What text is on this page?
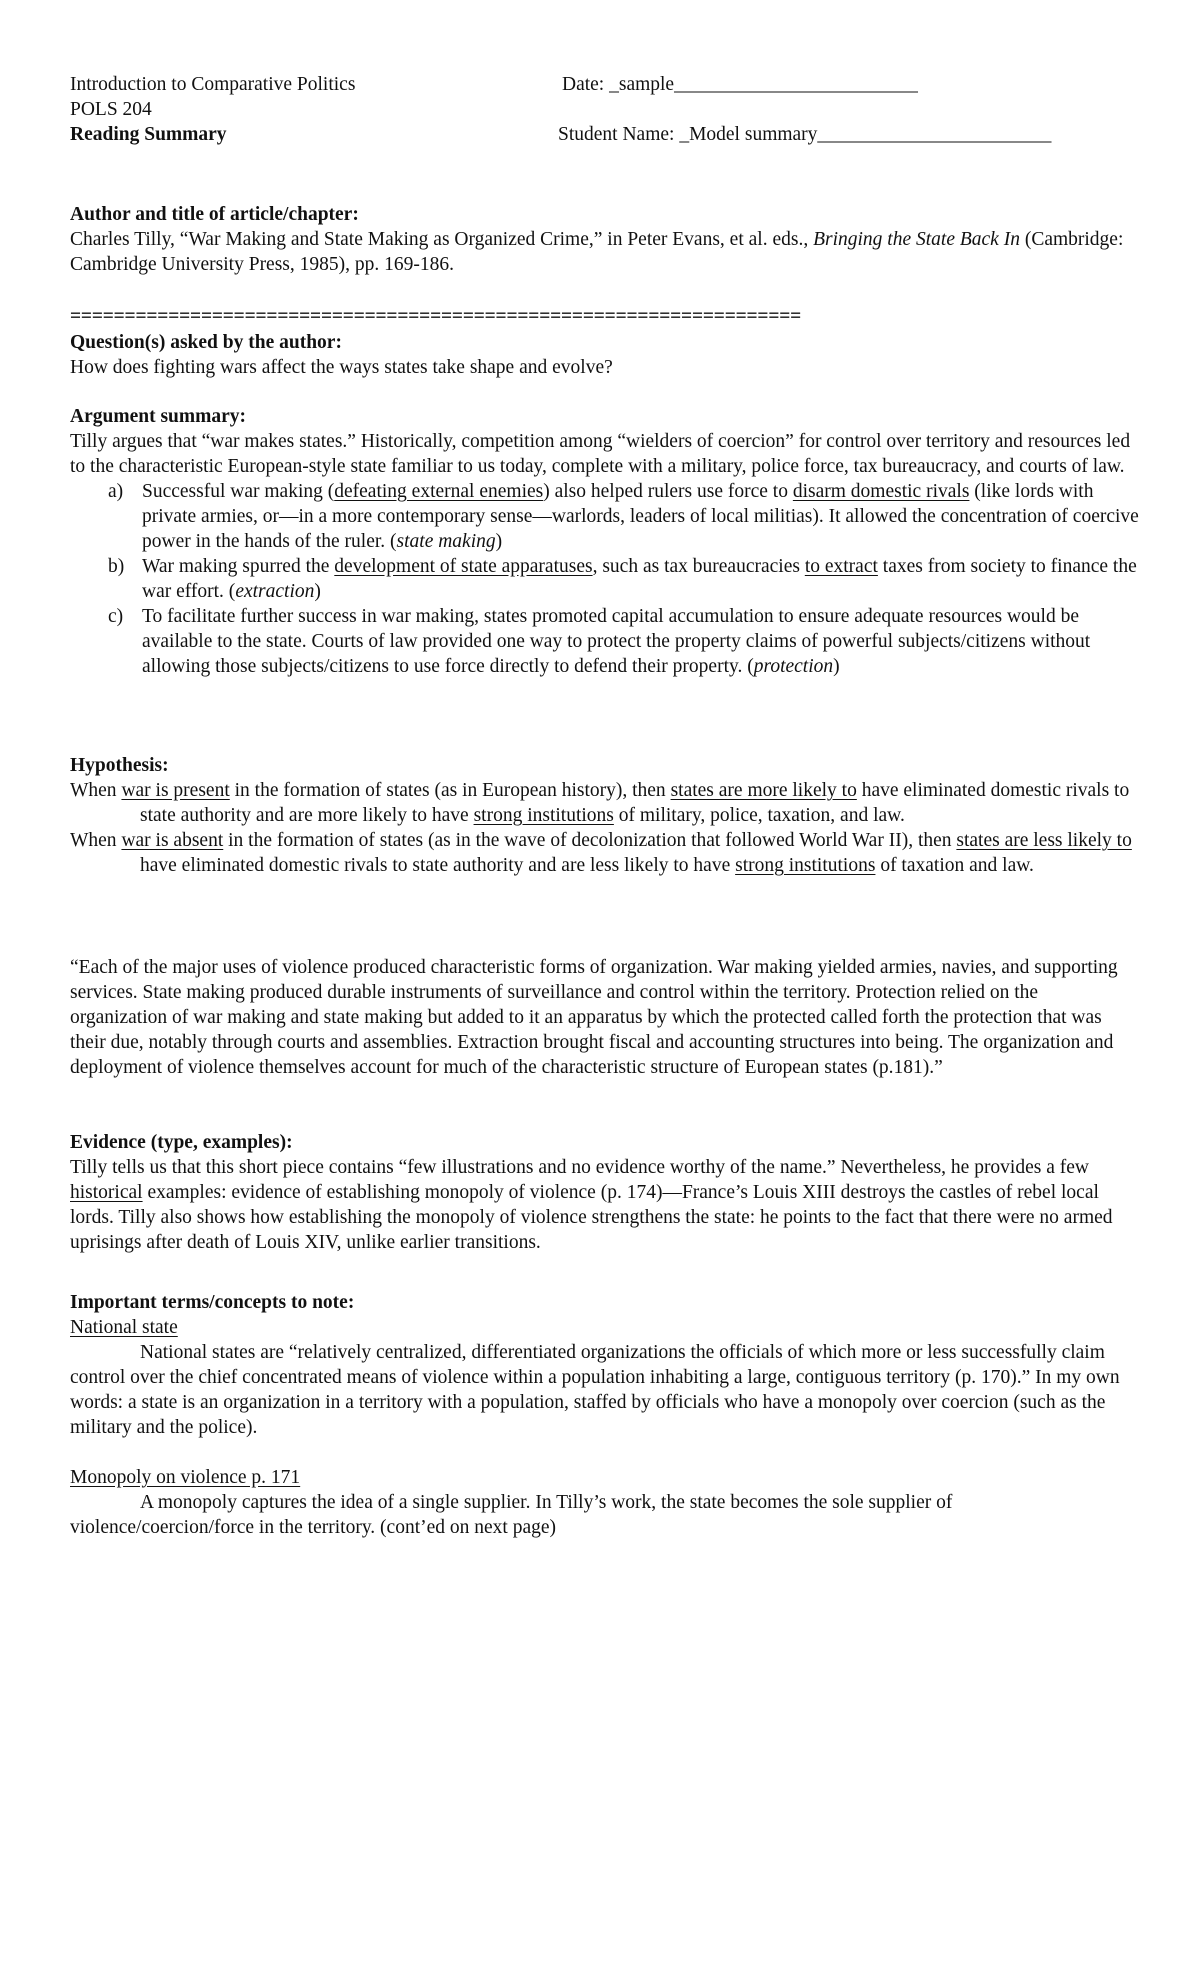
Introduction to Comparative Politics
POLS 204
Reading Summary
Date: _sample_________________________
Student Name: _Model summary________________________

Author and title of article/chapter:

Charles Tilly, “War Making and State Making as Organized Crime,” in Peter Evans, et al. eds., Bringing the State Back In (Cambridge: Cambridge University Press, 1985), pp. 169-186.

===================================================================

Question(s) asked by the author:

How does fighting wars affect the ways states take shape and evolve?

Argument summary:

Tilly argues that “war makes states.” Historically, competition among “wielders of coercion” for control over territory and resources led to the characteristic European-style state familiar to us today, complete with a military, police force, tax bureaucracy, and courts of law.

a) Successful war making (defeating external enemies) also helped rulers use force to disarm domestic rivals (like lords with private armies, or—in a more contemporary sense—warlords, leaders of local militias). It allowed the concentration of coercive power in the hands of the ruler. (state making)
b) War making spurred the development of state apparatuses, such as tax bureaucracies to extract taxes from society to finance the war effort. (extraction)
c) To facilitate further success in war making, states promoted capital accumulation to ensure adequate resources would be available to the state. Courts of law provided one way to protect the property claims of powerful subjects/citizens without allowing those subjects/citizens to use force directly to defend their property. (protection)

Hypothesis:

When war is present in the formation of states (as in European history), then states are more likely to have eliminated domestic rivals to state authority and are more likely to have strong institutions of military, police, taxation, and law.

When war is absent in the formation of states (as in the wave of decolonization that followed World War II), then states are less likely to have eliminated domestic rivals to state authority and are less likely to have strong institutions of taxation and law.

“Each of the major uses of violence produced characteristic forms of organization. War making yielded armies, navies, and supporting services. State making produced durable instruments of surveillance and control within the territory. Protection relied on the organization of war making and state making but added to it an apparatus by which the protected called forth the protection that was their due, notably through courts and assemblies. Extraction brought fiscal and accounting structures into being. The organization and deployment of violence themselves account for much of the characteristic structure of European states (p.181).”

Evidence (type, examples):

Tilly tells us that this short piece contains “few illustrations and no evidence worthy of the name.” Nevertheless, he provides a few historical examples: evidence of establishing monopoly of violence (p. 174)—France’s Louis XIII destroys the castles of rebel local lords. Tilly also shows how establishing the monopoly of violence strengthens the state: he points to the fact that there were no armed uprisings after death of Louis XIV, unlike earlier transitions.

Important terms/concepts to note:

National state

National states are “relatively centralized, differentiated organizations the officials of which more or less successfully claim control over the chief concentrated means of violence within a population inhabiting a large, contiguous territory (p. 170).” In my own words: a state is an organization in a territory with a population, staffed by officials who have a monopoly over coercion (such as the military and the police).

Monopoly on violence p. 171

A monopoly captures the idea of a single supplier. In Tilly’s work, the state becomes the sole supplier of violence/coercion/force in the territory. (cont’ed on next page)
